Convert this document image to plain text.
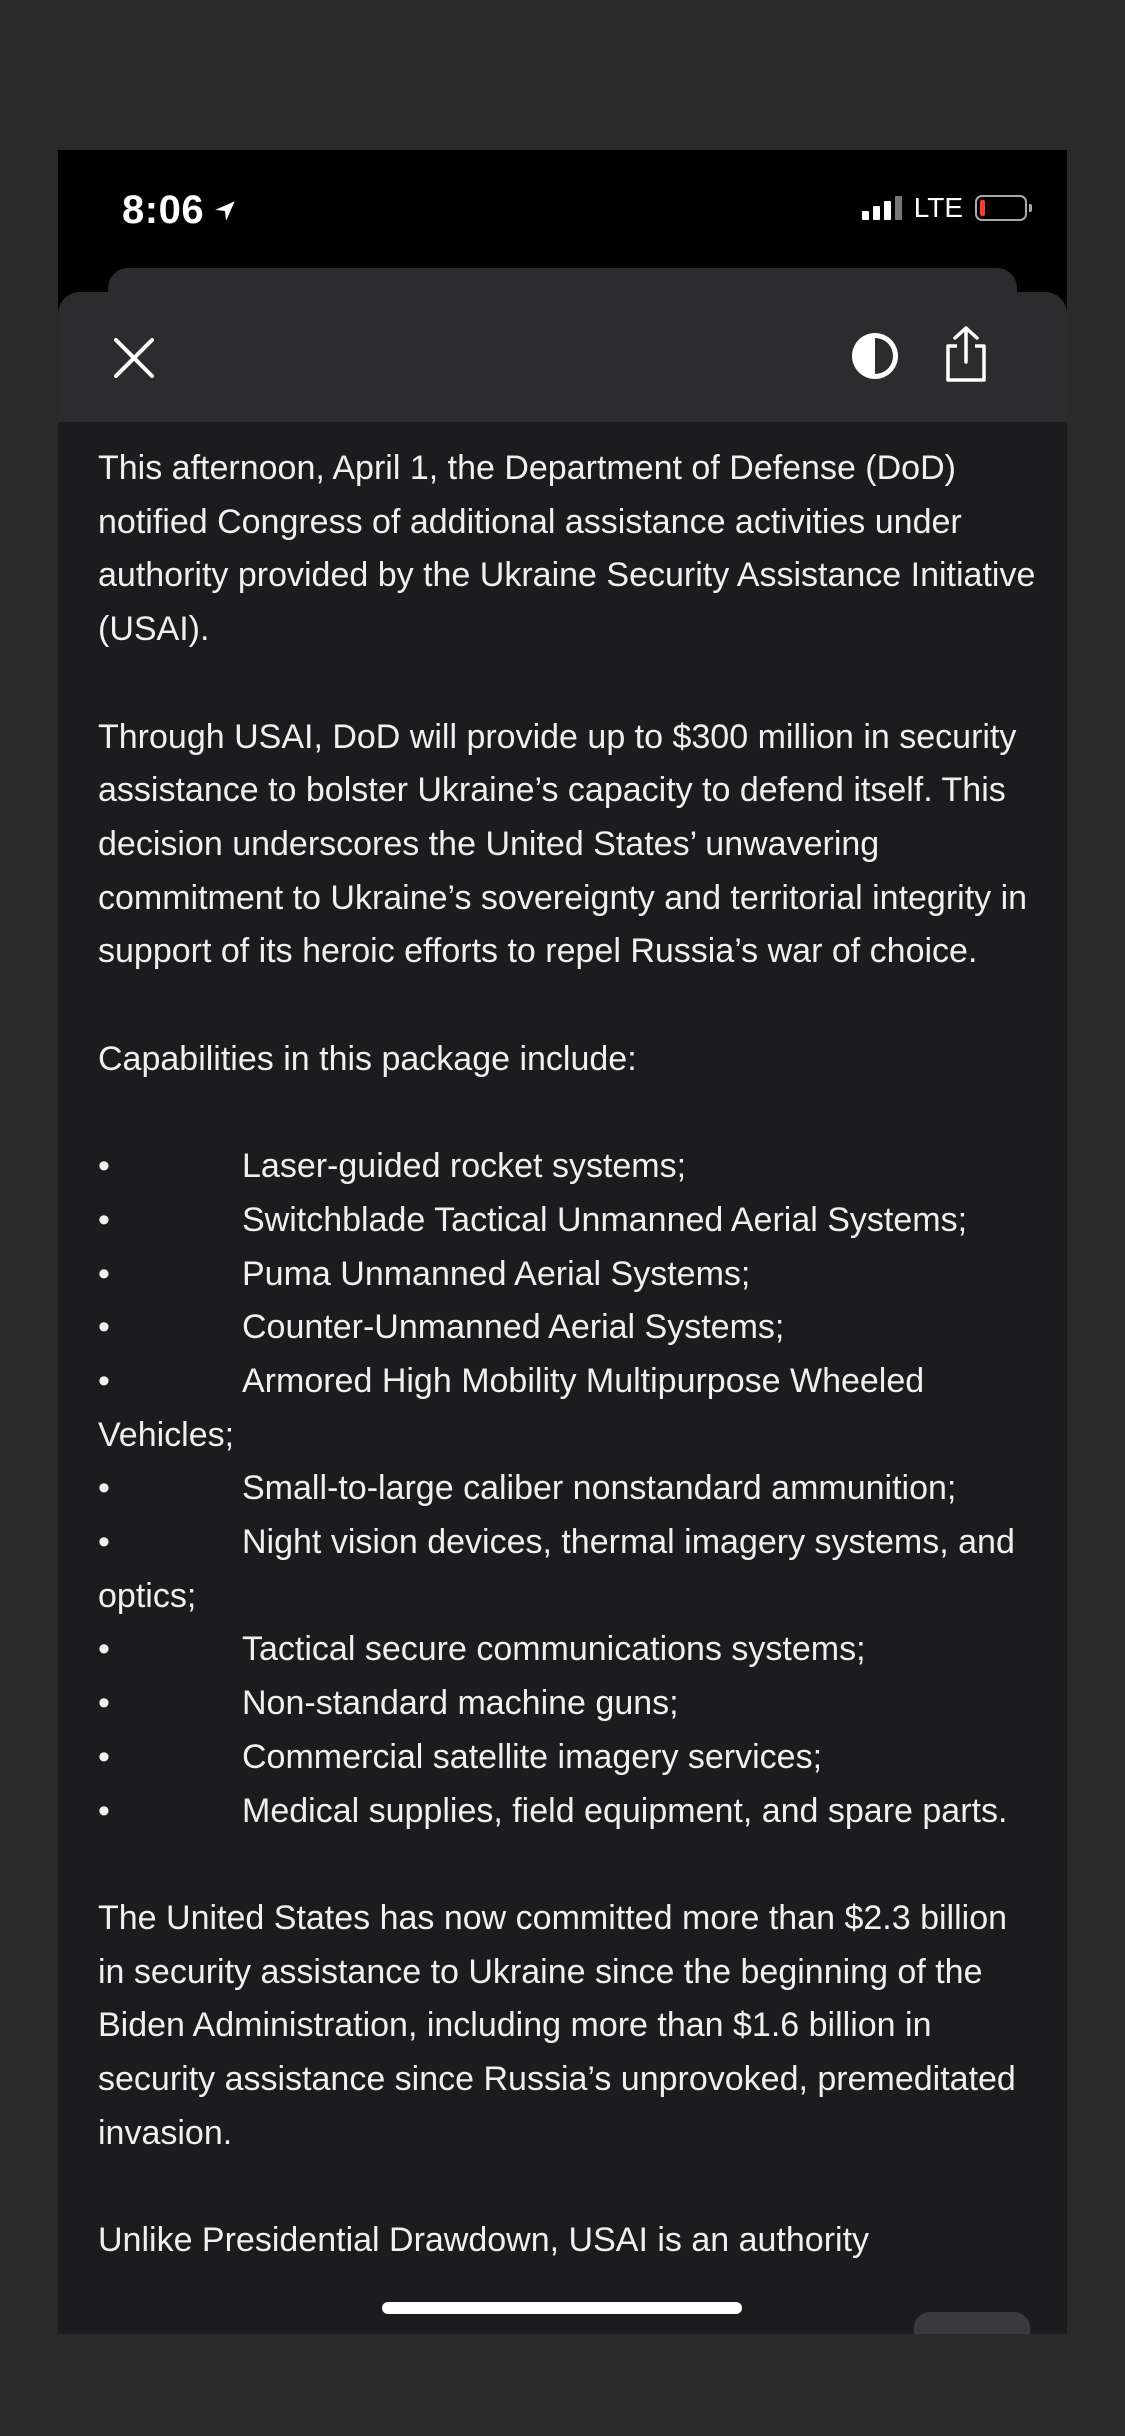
8:06	LTE

This afternoon, April 1, the Department of Defense (DoD) notified Congress of additional assistance activities under authority provided by the Ukraine Security Assistance Initiative (USAI).

Through USAI, DoD will provide up to $300 million in security assistance to bolster Ukraine’s capacity to defend itself. This decision underscores the United States’ unwavering commitment to Ukraine’s sovereignty and territorial integrity in support of its heroic efforts to repel Russia’s war of choice.

Capabilities in this package include:

•	Laser-guided rocket systems;
•	Switchblade Tactical Unmanned Aerial Systems;
•	Puma Unmanned Aerial Systems;
•	Counter-Unmanned Aerial Systems;
•	Armored High Mobility Multipurpose Wheeled Vehicles;
•	Small-to-large caliber nonstandard ammunition;
•	Night vision devices, thermal imagery systems, and optics;
•	Tactical secure communications systems;
•	Non-standard machine guns;
•	Commercial satellite imagery services;
•	Medical supplies, field equipment, and spare parts.

The United States has now committed more than $2.3 billion in security assistance to Ukraine since the beginning of the Biden Administration, including more than $1.6 billion in security assistance since Russia’s unprovoked, premeditated invasion.

Unlike Presidential Drawdown, USAI is an authority
